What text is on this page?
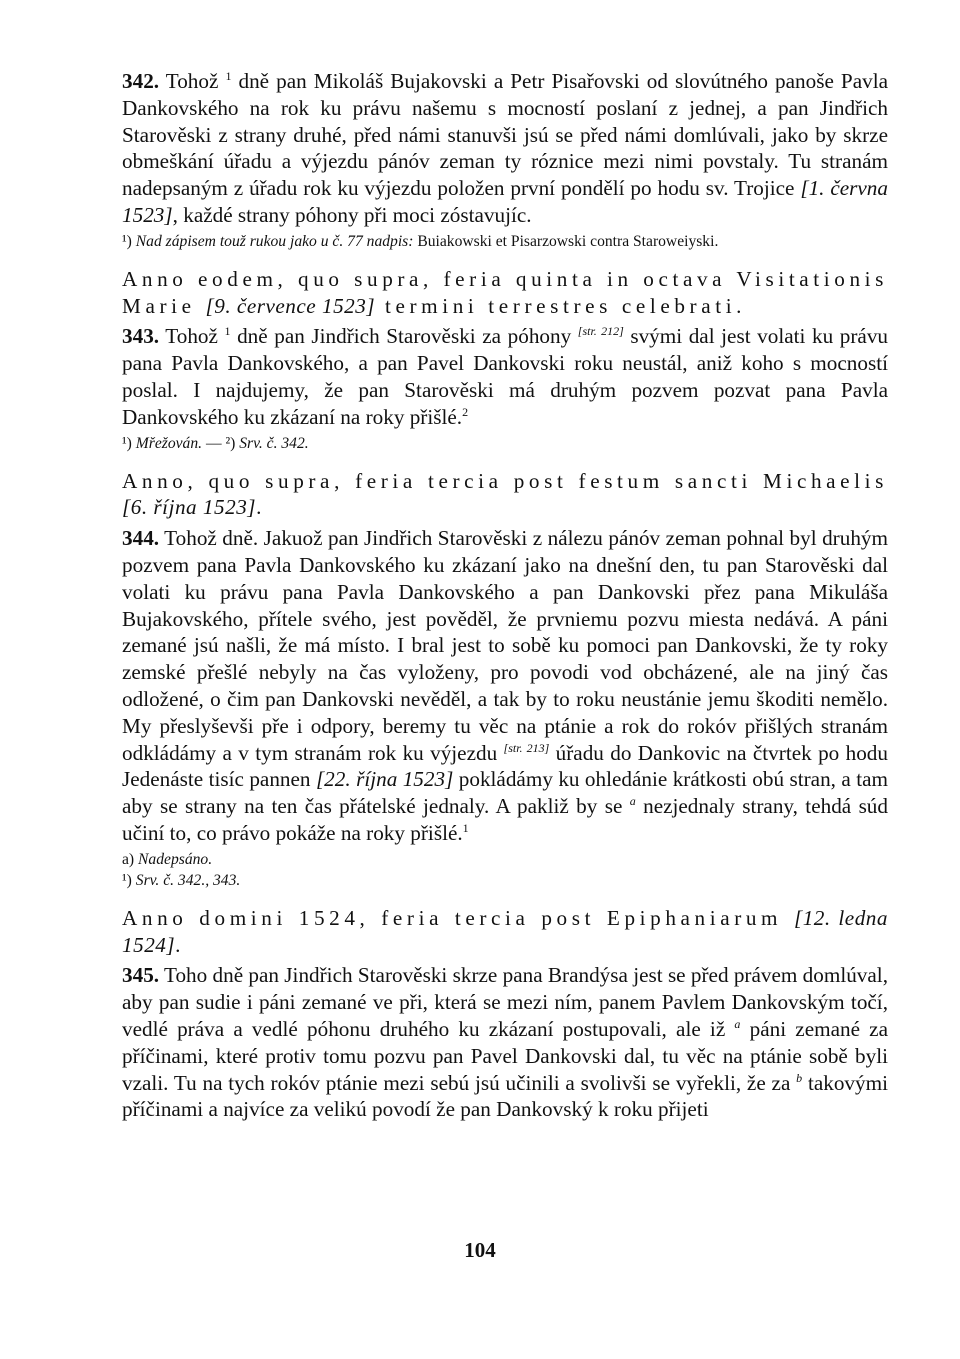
342. Tohož $^1$ dně pan Mikoláš Bujakovski a Petr Pisařovski od slovútného panoše Pavla Dankovského na rok ku právu našemu s mocností poslaní z jednej, a pan Jindřich Starověski z strany druhé, před námi stanuvši jsú se před námi domlúvali, jako by skrze obmeškání úřadu a výjezdu pánóv zeman ty róznice mezi nimi povstaly. Tu stranám nadepsaným z úřadu rok ku výjezdu položen první pondělí po hodu sv. Trojice [1. června 1523], každé strany póhony při moci zóstavujíc.

¹) Nad zápisem touž rukou jako u č. 77 nadpis: Buiakowski et Pisarzowski contra Staroweiyski.

Anno eodem, quo supra, feria quinta in octava Visitationis Marie [9. července 1523] termini terrestres celebrati.

343. Tohož $^1$ dně pan Jindřich Starověski za póhony [str. 212] svými dal jest volati ku právu pana Pavla Dankovského, a pan Pavel Dankovski roku neustál, aniž koho s mocností poslal. I najdujemy, že pan Starověski má druhým pozvem pozvat pana Pavla Dankovského ku zkázaní na roky přišlé.$^2$

¹) Mřežován. — ²) Srv. č. 342.

Anno, quo supra, feria tercia post festum sancti Michaelis [6. října 1523].

344. Tohož dně. Jakuož pan Jindřich Starověski z nálezu pánóv zeman pohnal byl druhým pozvem pana Pavla Dankovského ku zkázaní jako na dnešní den, tu pan Starověski dal volati ku právu pana Pavla Dankovského a pan Dankovski přez pana Mikuláša Bujakovského, přítele svého, jest pověděl, že prvniemu pozvu miesta nedává. A páni zemané jsú našli, že má místo. I bral jest to sobě ku pomoci pan Dankovski, že ty roky zemské přešlé nebyly na čas vyloženy, pro povodi vod obcházené, ale na jiný čas odložené, o čim pan Dankovski nevěděl, a tak by to roku neustánie jemu škoditi nemělo. My přeslyševši pře i odpory, beremy tu věc na ptánie a rok do rokóv přišlých stranám odkládámy a v tym stranám rok ku výjezdu [str. 213] úřadu do Dankovic na čtvrtek po hodu Jedenáste tisíc pannen [22. října 1523] pokládámy ku ohledánie krátkosti obú stran, a tam aby se strany na ten čas přátelské jednaly. A pakliž by se $^a$ nezjednaly strany, tehdá súd učiní to, co právo pokáže na roky přišlé.$^1$

a) Nadepsáno.

¹) Srv. č. 342., 343.

Anno domini 1524, feria tercia post Epiphaniarum [12. ledna 1524].

345. Toho dně pan Jindřich Starověski skrze pana Brandýsa jest se před právem domlúval, aby pan sudie i páni zemané ve při, která se mezi ním, panem Pavlem Dankovským točí, vedlé práva a vedlé póhonu druhého ku zkázaní postupovali, ale iž $^a$ páni zemané za příčinami, které protiv tomu pozvu pan Pavel Dankovski dal, tu věc na ptánie sobě byli vzali. Tu na tych rokóv ptánie mezi sebú jsú učinili a svolivši se vyřekli, že za $^b$ takovými příčinami a najvíce za velikú povodí že pan Dankovský k roku přijeti

104
